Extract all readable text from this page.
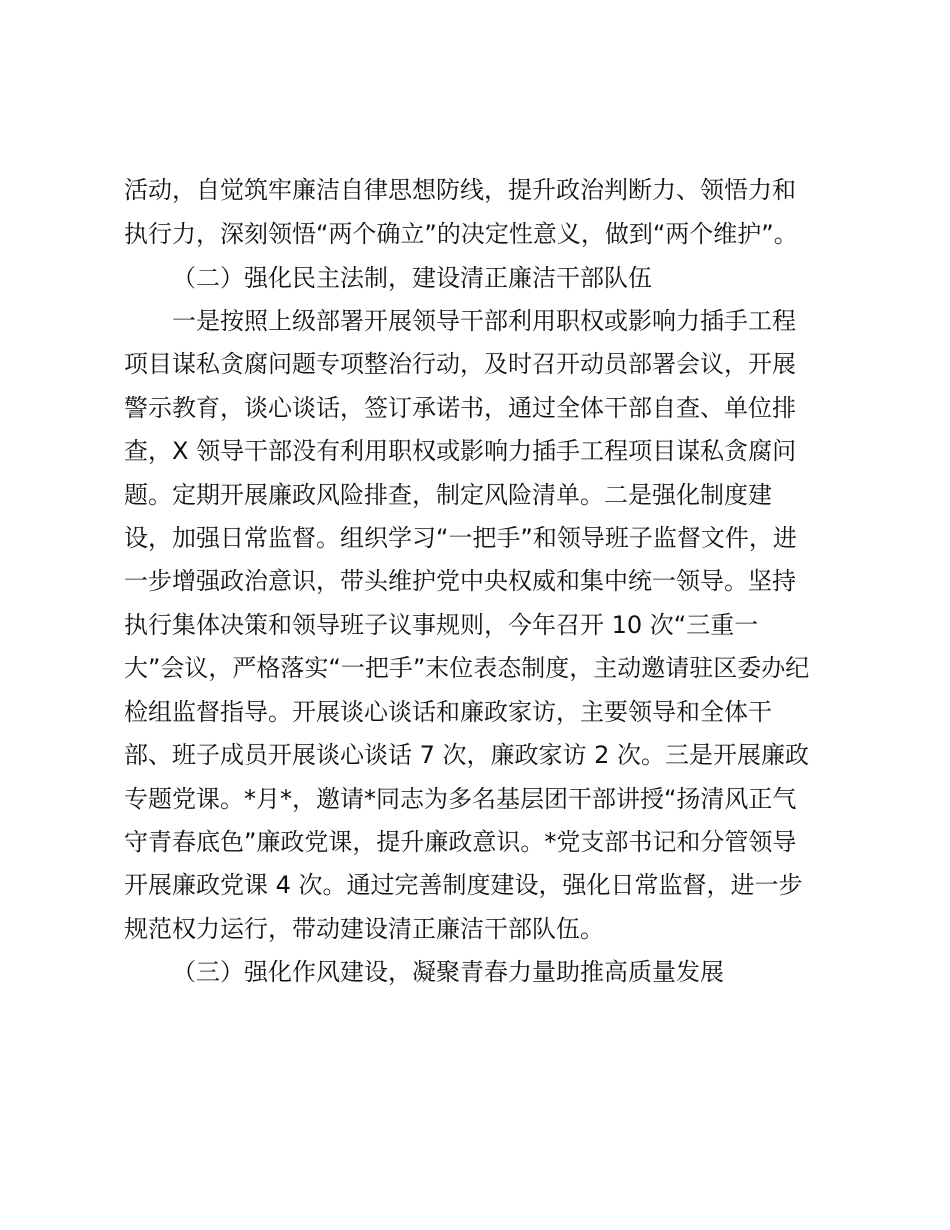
活动，自觉筑牢廉洁自律思想防线，提升政治判断力、领悟力和
执行力，深刻领悟“两个确立”的决定性意义，做到“两个维护”。
（二）强化民主法制，建设清正廉洁干部队伍
一是按照上级部署开展领导干部利用职权或影响力插手工程
项目谋私贪腐问题专项整治行动，及时召开动员部署会议，开展
警示教育，谈心谈话，签订承诺书，通过全体干部自查、单位排
查，X 领导干部没有利用职权或影响力插手工程项目谋私贪腐问
题。定期开展廉政风险排查，制定风险清单。二是强化制度建
设，加强日常监督。组织学习“一把手”和领导班子监督文件，进
一步增强政治意识，带头维护党中央权威和集中统一领导。坚持
执行集体决策和领导班子议事规则，今年召开 10 次“三重一
大”会议，严格落实“一把手”末位表态制度，主动邀请驻区委办纪
检组监督指导。开展谈心谈话和廉政家访，主要领导和全体干
部、班子成员开展谈心谈话 7 次，廉政家访 2 次。三是开展廉政
专题党课。*月*，邀请*同志为多名基层团干部讲授“扬清风正气
守青春底色”廉政党课，提升廉政意识。*党支部书记和分管领导
开展廉政党课 4 次。通过完善制度建设，强化日常监督，进一步
规范权力运行，带动建设清正廉洁干部队伍。
（三）强化作风建设，凝聚青春力量助推高质量发展
